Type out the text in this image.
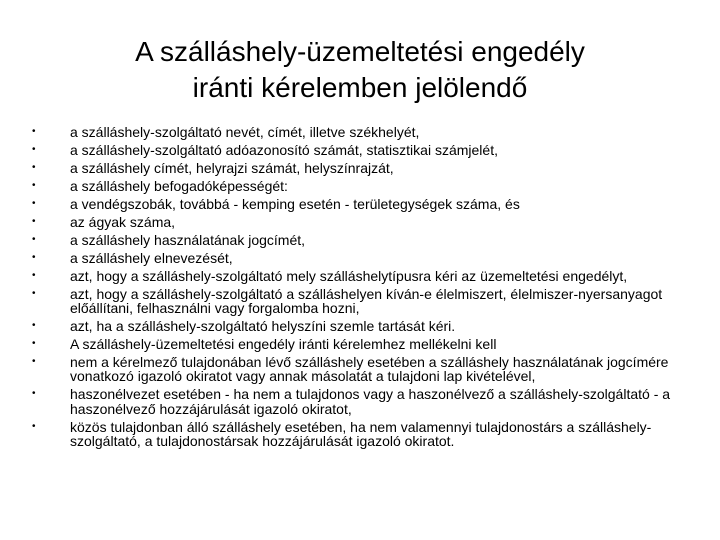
A szálláshely-üzemeltetési engedély
iránti kérelemben jelölendő
•	a szálláshely-szolgáltató nevét, címét, illetve székhelyét,
•	a szálláshely-szolgáltató adóazonosító számát, statisztikai számjelét,
•	a szálláshely címét, helyrajzi számát, helyszínrajzát,
•	a szálláshely befogadóképességét:
•	a vendégszobák, továbbá - kemping esetén - területegységek száma, és
•	az ágyak száma,
•	a szálláshely használatának jogcímét,
•	a szálláshely elnevezését,
•	azt, hogy a szálláshely-szolgáltató mely szálláshelytípusra kéri az üzemeltetési engedélyt,
•	azt, hogy a szálláshely-szolgáltató a szálláshelyen kíván-e élelmiszert, élelmiszer-nyersanyagot előállítani, felhasználni vagy forgalomba hozni,
•	azt, ha a szálláshely-szolgáltató helyszíni szemle tartását kéri.
•	A szálláshely-üzemeltetési engedély iránti kérelemhez mellékelni kell
•	nem a kérelmező tulajdonában lévő szálláshely esetében a szálláshely használatának jogcímére vonatkozó igazoló okiratot vagy annak másolatát a tulajdoni lap kivételével,
•	haszonélvezet esetében - ha nem a tulajdonos vagy a haszonélvező a szálláshely-szolgáltató - a haszonélvező hozzájárulását igazoló okiratot,
•	közös tulajdonban álló szálláshely esetében, ha nem valamennyi tulajdonostárs a szálláshely-szolgáltató, a tulajdonostársak hozzájárulását igazoló okiratot.
